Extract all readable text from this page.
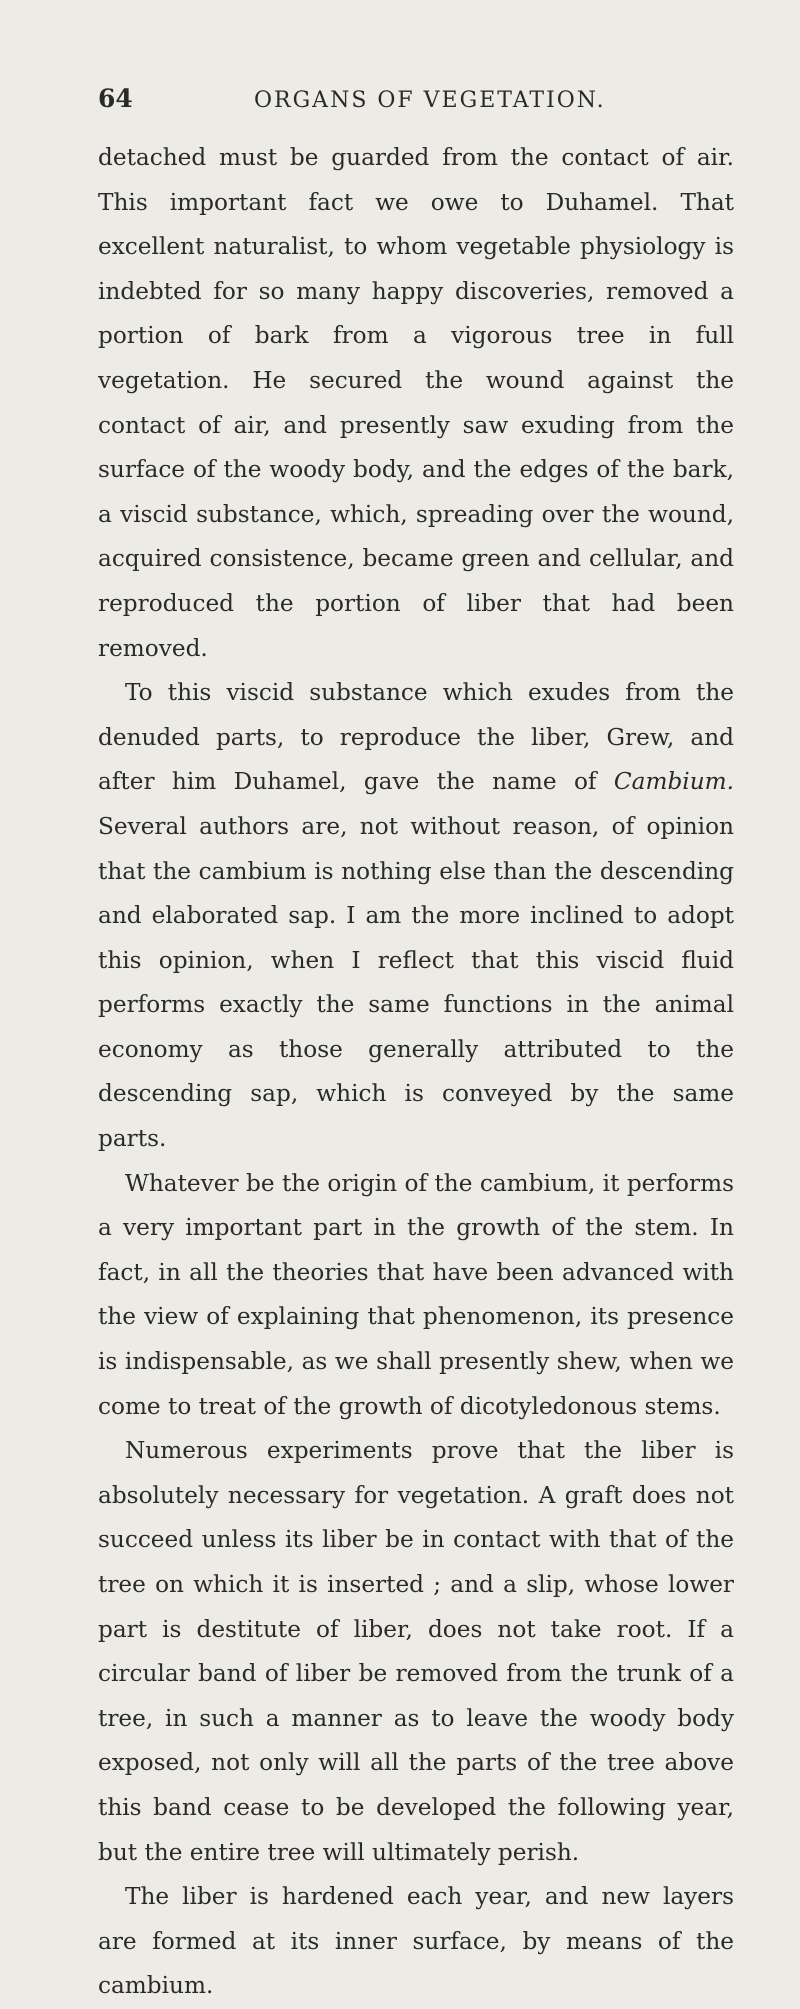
64	ORGANS OF VEGETATION.

detached must be guarded from the contact of air. This important fact we owe to Duhamel. That excellent naturalist, to whom vegetable physiology is indebted for so many happy discoveries, removed a portion of bark from a vigorous tree in full vegetation. He secured the wound against the contact of air, and presently saw exuding from the surface of the woody body, and the edges of the bark, a viscid substance, which, spreading over the wound, acquired consistence, became green and cellular, and reproduced the portion of liber that had been removed.

To this viscid substance which exudes from the denuded parts, to reproduce the liber, Grew, and after him Duhamel, gave the name of Cambium. Several authors are, not without reason, of opinion that the cambium is nothing else than the descending and elaborated sap. I am the more inclined to adopt this opinion, when I reflect that this viscid fluid performs exactly the same functions in the animal economy as those generally attributed to the descending sap, which is conveyed by the same parts.

Whatever be the origin of the cambium, it performs a very important part in the growth of the stem. In fact, in all the theories that have been advanced with the view of explaining that phenomenon, its presence is indispensable, as we shall presently shew, when we come to treat of the growth of dicotyledonous stems.

Numerous experiments prove that the liber is absolutely necessary for vegetation. A graft does not succeed unless its liber be in contact with that of the tree on which it is inserted ; and a slip, whose lower part is destitute of liber, does not take root. If a circular band of liber be removed from the trunk of a tree, in such a manner as to leave the woody body exposed, not only will all the parts of the tree above this band cease to be developed the following year, but the entire tree will ultimately perish.

The liber is hardened each year, and new layers are formed at its inner surface, by means of the cambium.
